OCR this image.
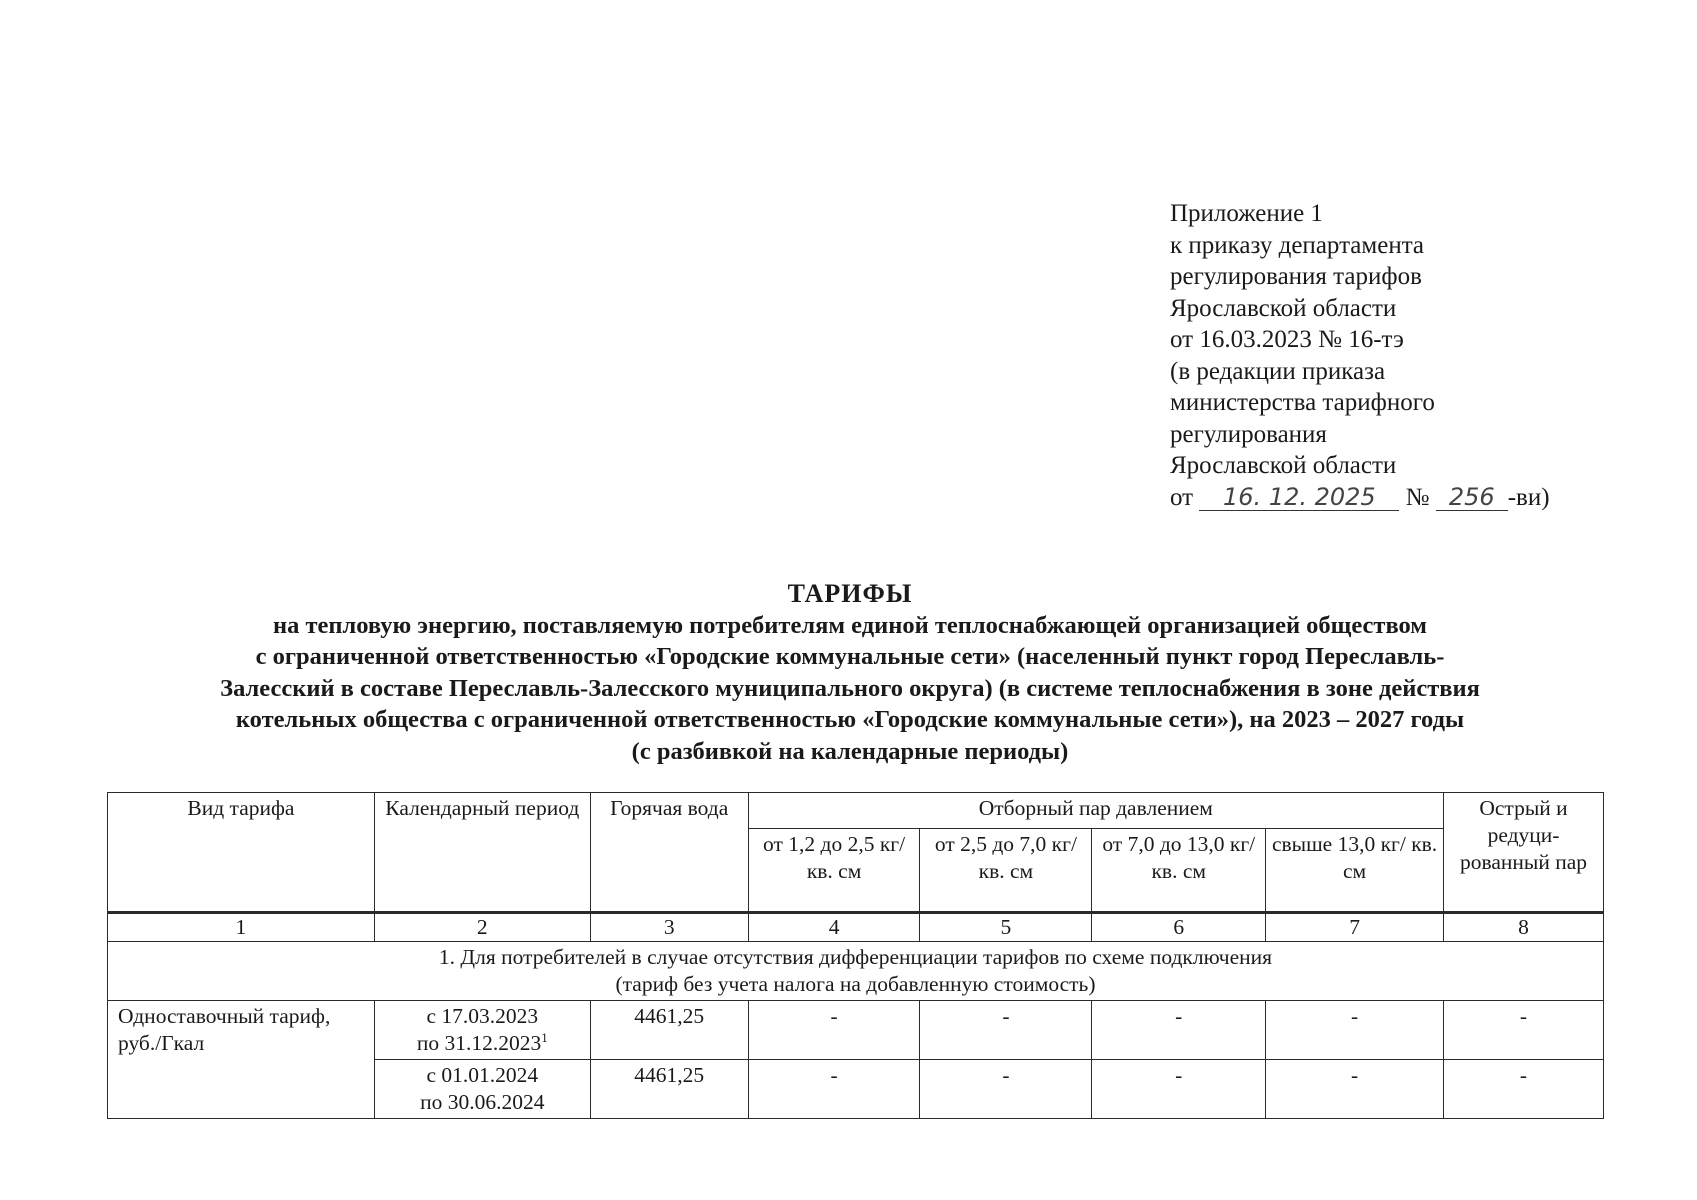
Приложение 1
к приказу департамента
регулирования тарифов
Ярославской области
от 16.03.2023 № 16-тэ
(в редакции приказа
министерства тарифного
регулирования
Ярославской области
от 16. 12. 2025 № 256 -ви)
ТАРИФЫ
на тепловую энергию, поставляемую потребителям единой теплоснабжающей организацией обществом
с ограниченной ответственностью «Городские коммунальные сети» (населенный пункт город Переславль-
Залесский в составе Переславль-Залесского муниципального округа) (в системе теплоснабжения в зоне действия
котельных общества с ограниченной ответственностью «Городские коммунальные сети»), на 2023 – 2027 годы
(с разбивкой на календарные периоды)
Вид тарифа	Календарный период	Горячая вода	Отборный пар давлением				Острый и редуци-рованный пар
			от 1,2 до 2,5 кг/ кв. см	от 2,5 до 7,0 кг/ кв. см	от 7,0 до 13,0 кг/ кв. см	свыше 13,0 кг/ кв. см	
1	2	3	4	5	6	7	8

1. Для потребителей в случае отсутствия дифференциации тарифов по схеме подключения
(тариф без учета налога на добавленную стоимость)							

Одноставочный тариф, руб./Гкал	с 17.03.2023
по 31.12.2023$^1$	4461,25	-	-	-	-	-

	с 01.01.2024
по 30.06.2024	4461,25	-	-	-	-	-
